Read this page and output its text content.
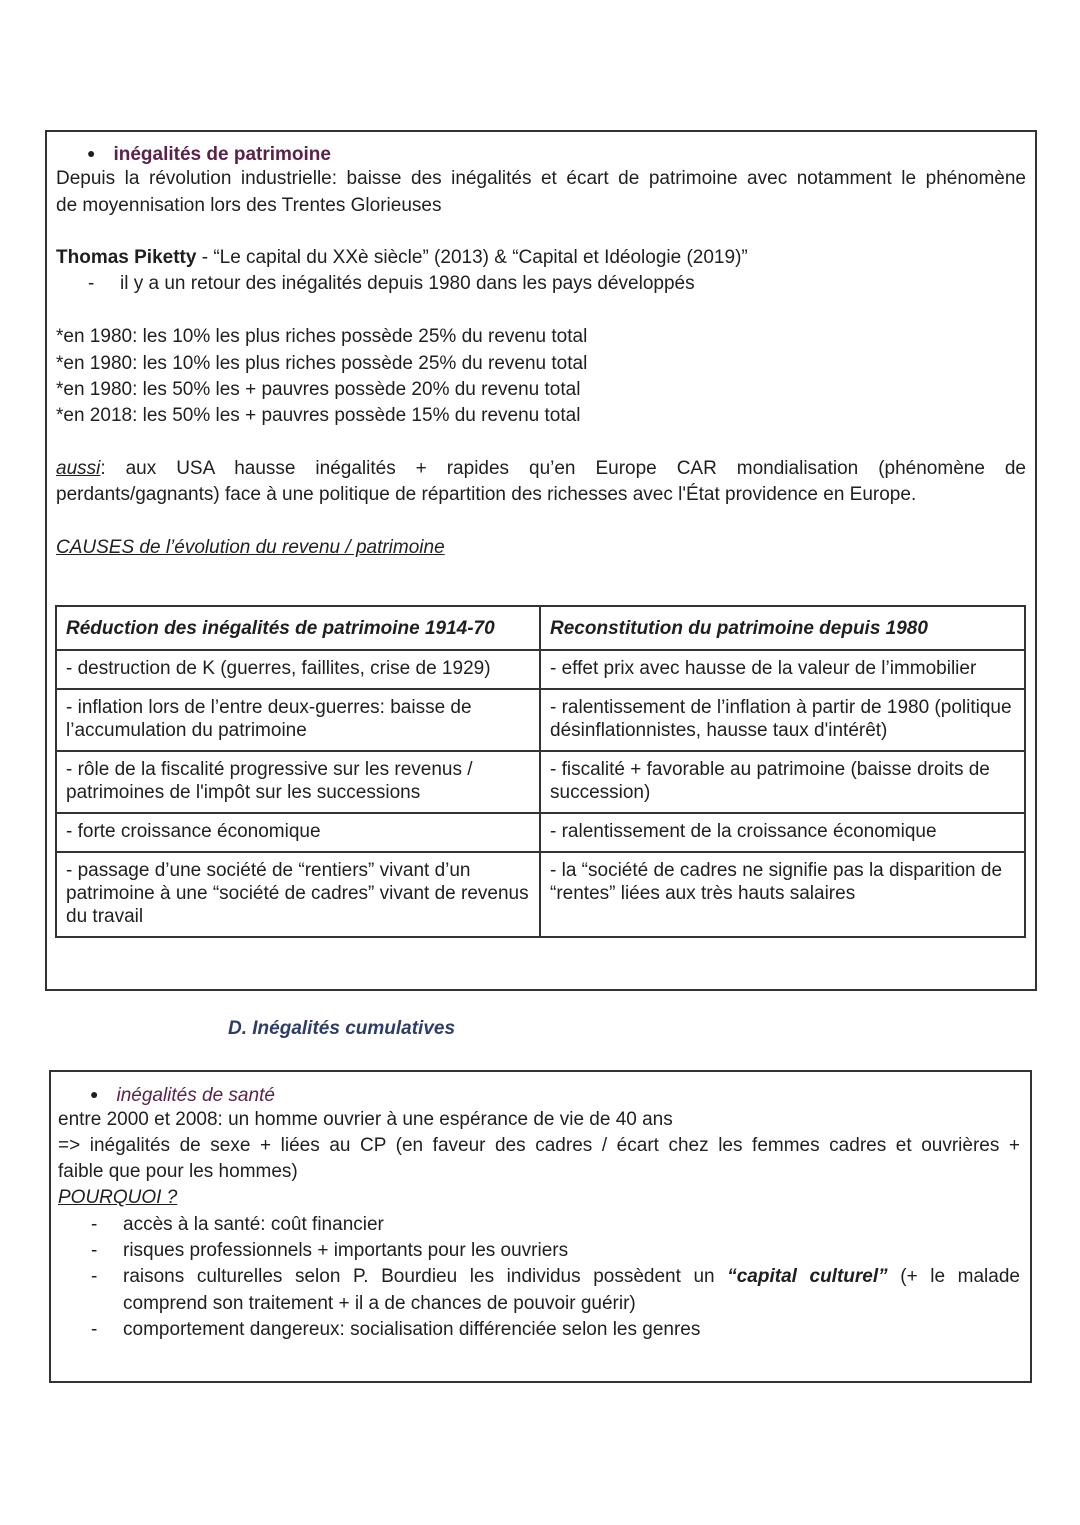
● inégalités de patrimoine
Depuis la révolution industrielle: baisse des inégalités et écart de patrimoine avec notamment le phénomène
de moyennisation lors des Trentes Glorieuses
Thomas Piketty - “Le capital du XXè siècle” (2013) & “Capital et Idéologie (2019)”
- il y a un retour des inégalités depuis 1980 dans les pays développés
*en 1980: les 10% les plus riches possède 25% du revenu total
*en 1980: les 10% les plus riches possède 25% du revenu total
*en 1980: les 50% les + pauvres possède 20% du revenu total
*en 2018: les 50% les + pauvres possède 15% du revenu total
aussi: aux USA hausse inégalités + rapides qu’en Europe CAR mondialisation (phénomène de
perdants/gagnants) face à une politique de répartition des richesses avec l'État providence en Europe.
CAUSES de l’évolution du revenu / patrimoine
Réduction des inégalités de patrimoine 1914-70	Reconstitution du patrimoine depuis 1980
- destruction de K (guerres, faillites, crise de 1929)	- effet prix avec hausse de la valeur de l’immobilier
- inflation lors de l’entre deux-guerres: baisse de l’accumulation du patrimoine	- ralentissement de l’inflation à partir de 1980 (politique désinflationnistes, hausse taux d'intérêt)
- rôle de la fiscalité progressive sur les revenus / patrimoines de l'impôt sur les successions	- fiscalité + favorable au patrimoine (baisse droits de succession)
- forte croissance économique	- ralentissement de la croissance économique
- passage d’une société de “rentiers” vivant d’un patrimoine à une “société de cadres” vivant de revenus du travail	- la “société de cadres ne signifie pas la disparition de “rentes” liées aux très hauts salaires
D. Inégalités cumulatives
● inégalités de santé
entre 2000 et 2008: un homme ouvrier à une espérance de vie de 40 ans
=> inégalités de sexe + liées au CP (en faveur des cadres / écart chez les femmes cadres et ouvrières +
faible que pour les hommes)
POURQUOI ?
- accès à la santé: coût financier
- risques professionnels + importants pour les ouvriers
- raisons culturelles selon P. Bourdieu les individus possèdent un “capital culturel” (+ le malade
comprend son traitement + il a de chances de pouvoir guérir)
- comportement dangereux: socialisation différenciée selon les genres
